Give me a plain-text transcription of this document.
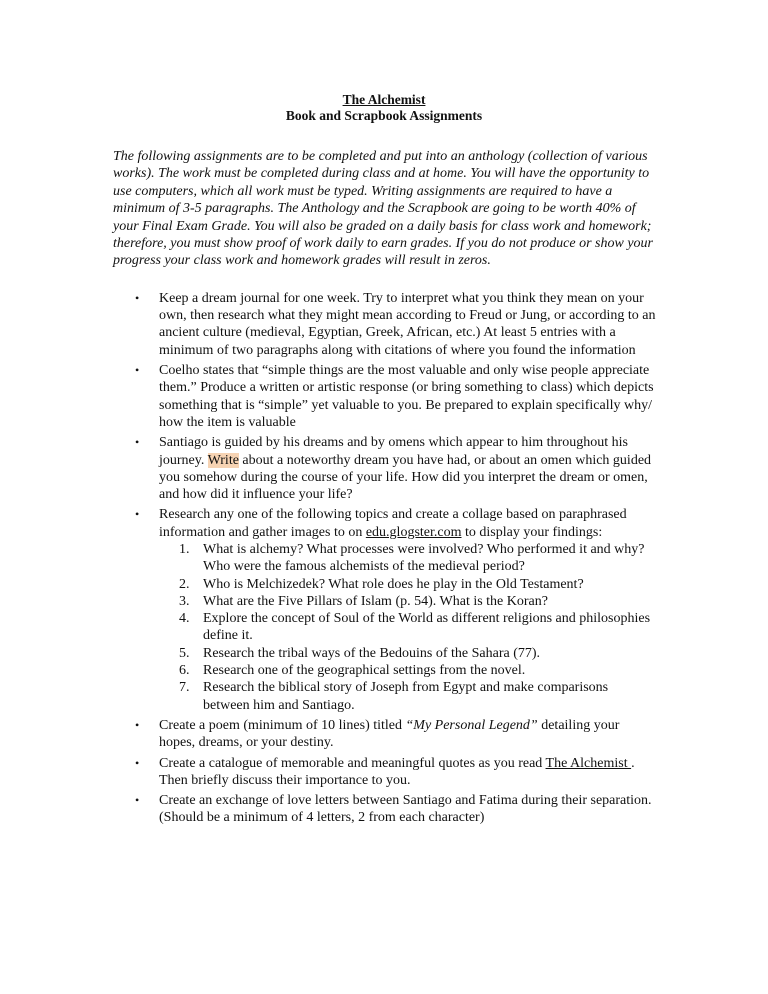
The Alchemist
Book and Scrapbook Assignments

The following assignments are to be completed and put into an anthology (collection of various works). The work must be completed during class and at home. You will have the opportunity to use computers, which all work must be typed. Writing assignments are required to have a minimum of 3-5 paragraphs. The Anthology and the Scrapbook are going to be worth 40% of your Final Exam Grade. You will also be graded on a daily basis for class work and homework; therefore, you must show proof of work daily to earn grades. If you do not produce or show your progress your class work and homework grades will result in zeros.

• Keep a dream journal for one week. Try to interpret what you think they mean on your own, then research what they might mean according to Freud or Jung, or according to an ancient culture (medieval, Egyptian, Greek, African, etc.) At least 5 entries with a minimum of two paragraphs along with citations of where you found the information
• Coelho states that “simple things are the most valuable and only wise people appreciate them.” Produce a written or artistic response (or bring something to class) which depicts something that is “simple” yet valuable to you. Be prepared to explain specifically why/ how the item is valuable
• Santiago is guided by his dreams and by omens which appear to him throughout his journey. Write about a noteworthy dream you have had, or about an omen which guided you somehow during the course of your life. How did you interpret the dream or omen, and how did it influence your life?
• Research any one of the following topics and create a collage based on paraphrased information and gather images to on edu.glogster.com to display your findings:
1. What is alchemy? What processes were involved? Who performed it and why? Who were the famous alchemists of the medieval period?
2. Who is Melchizedek? What role does he play in the Old Testament?
3. What are the Five Pillars of Islam (p. 54). What is the Koran?
4. Explore the concept of Soul of the World as different religions and philosophies define it.
5. Research the tribal ways of the Bedouins of the Sahara (77).
6. Research one of the geographical settings from the novel.
7. Research the biblical story of Joseph from Egypt and make comparisons between him and Santiago.
• Create a poem (minimum of 10 lines) titled “My Personal Legend” detailing your hopes, dreams, or your destiny.
• Create a catalogue of memorable and meaningful quotes as you read The Alchemist . Then briefly discuss their importance to you.
• Create an exchange of love letters between Santiago and Fatima during their separation. (Should be a minimum of 4 letters, 2 from each character)
